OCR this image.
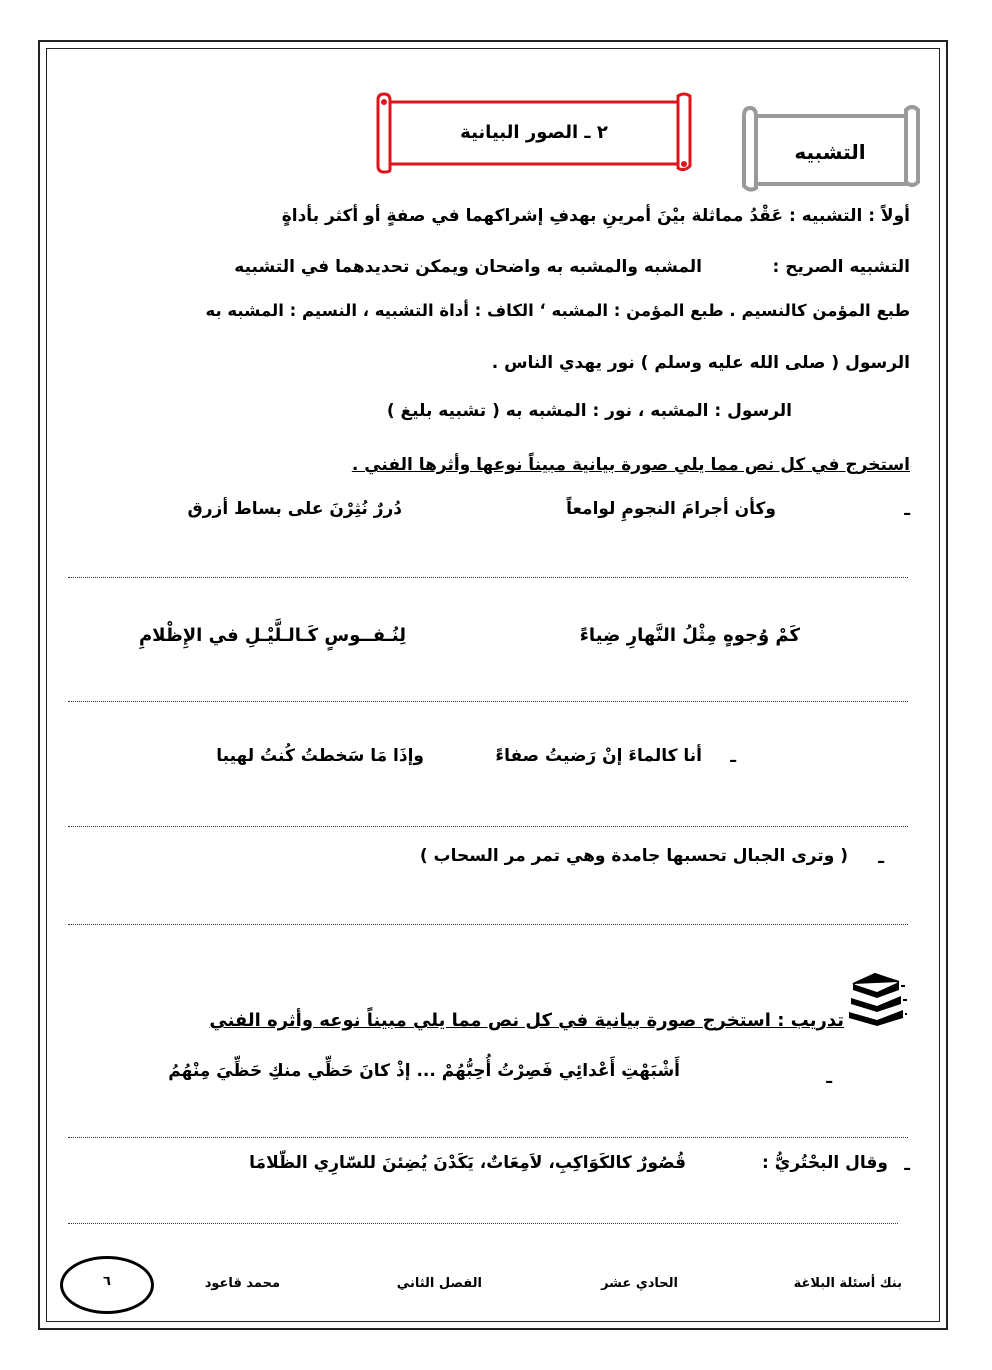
٢ ـ الصور البيانية
التشبيه
أولاً : التشبيه : عَقْدُ مماثلة بيْنَ أمرينِ بهدفِ إشراكهما في صفةٍ أو أكثر بأداةٍ
التشبيه الصريح :
المشبه والمشبه به واضحان ويمكن تحديدهما في التشبيه
طبع المؤمن كالنسيم . طبع المؤمن : المشبه ‘ الكاف : أداة التشبيه ، النسيم : المشبه به
الرسول ( صلى الله عليه وسلم ) نور يهدي الناس .
الرسول : المشبه ، نور : المشبه به ( تشبيه بليغ )
استخرج في كل نص مما يلي صورة بيانية مبيناً نوعها وأثرها الفني .
ـ
وكأن أجرامَ النجومِ لوامعاً
دُررٌ نُثِرْنَ على بساط أزرق
كَمْ وُجوهٍ مِثْلُ النَّهارِ ضِياءً
لِنُـفــوسٍ كَـالـلَّيْـلِ في الإِظْلامِ
ـ
أنا كالماءَ إنْ رَضيتُ صفاءً
وإذَا مَا سَخطتُ كُنتُ لهيبا
ـ
( وترى الجبال تحسبها جامدة وهي تمر مر السحاب )
تدريب : استخرج صورة بيانية في كل نص مما يلي مبيناً نوعه وأثره الفني
ـ
أَشْبَهْتِ أَعْدائِي فَصِرْتُ أُحِبُّهُمْ ... إذْ كانَ حَظِّي منكِ حَظِّيَ مِنْهُمُ
ـ
وقال البحْتُريُّ :
قُصُورٌ كالكَوَاكِبِ، لاَمِعَاتٌ، يَكَدْنَ يُضِئنَ للسّارِي الظّلامَا
بنك أسئلة البلاغة
الحادي عشر
الفصل الثاني
محمد قاعود
٦
